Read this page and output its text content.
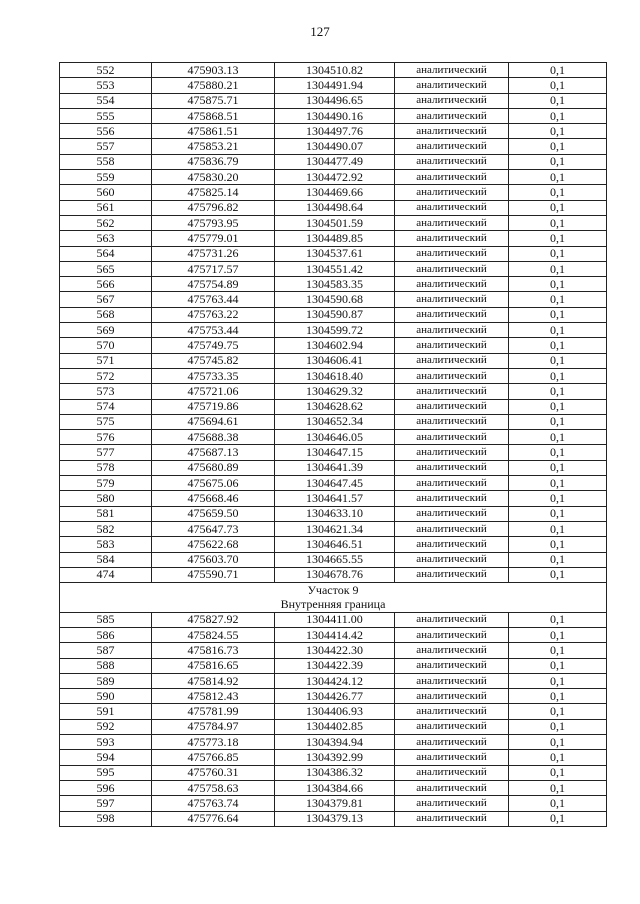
127
552	475903.13	1304510.82	аналитический	0,1
553	475880.21	1304491.94	аналитический	0,1
554	475875.71	1304496.65	аналитический	0,1
555	475868.51	1304490.16	аналитический	0,1
556	475861.51	1304497.76	аналитический	0,1
557	475853.21	1304490.07	аналитический	0,1
558	475836.79	1304477.49	аналитический	0,1
559	475830.20	1304472.92	аналитический	0,1
560	475825.14	1304469.66	аналитический	0,1
561	475796.82	1304498.64	аналитический	0,1
562	475793.95	1304501.59	аналитический	0,1
563	475779.01	1304489.85	аналитический	0,1
564	475731.26	1304537.61	аналитический	0,1
565	475717.57	1304551.42	аналитический	0,1
566	475754.89	1304583.35	аналитический	0,1
567	475763.44	1304590.68	аналитический	0,1
568	475763.22	1304590.87	аналитический	0,1
569	475753.44	1304599.72	аналитический	0,1
570	475749.75	1304602.94	аналитический	0,1
571	475745.82	1304606.41	аналитический	0,1
572	475733.35	1304618.40	аналитический	0,1
573	475721.06	1304629.32	аналитический	0,1
574	475719.86	1304628.62	аналитический	0,1
575	475694.61	1304652.34	аналитический	0,1
576	475688.38	1304646.05	аналитический	0,1
577	475687.13	1304647.15	аналитический	0,1
578	475680.89	1304641.39	аналитический	0,1
579	475675.06	1304647.45	аналитический	0,1
580	475668.46	1304641.57	аналитический	0,1
581	475659.50	1304633.10	аналитический	0,1
582	475647.73	1304621.34	аналитический	0,1
583	475622.68	1304646.51	аналитический	0,1
584	475603.70	1304665.55	аналитический	0,1
474	475590.71	1304678.76	аналитический	0,1
Участок 9				
Внутренняя граница				
585	475827.92	1304411.00	аналитический	0,1
586	475824.55	1304414.42	аналитический	0,1
587	475816.73	1304422.30	аналитический	0,1
588	475816.65	1304422.39	аналитический	0,1
589	475814.92	1304424.12	аналитический	0,1
590	475812.43	1304426.77	аналитический	0,1
591	475781.99	1304406.93	аналитический	0,1
592	475784.97	1304402.85	аналитический	0,1
593	475773.18	1304394.94	аналитический	0,1
594	475766.85	1304392.99	аналитический	0,1
595	475760.31	1304386.32	аналитический	0,1
596	475758.63	1304384.66	аналитический	0,1
597	475763.74	1304379.81	аналитический	0,1
598	475776.64	1304379.13	аналитический	0,1
